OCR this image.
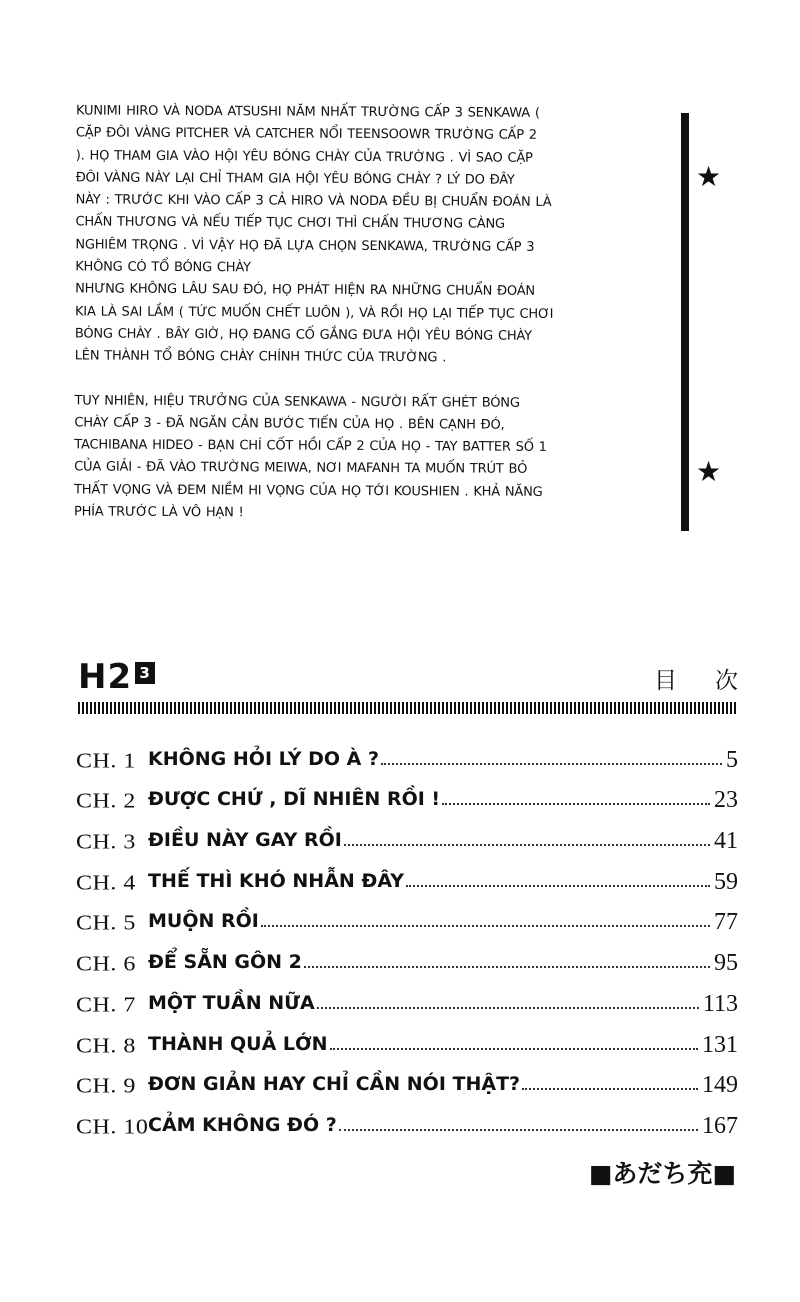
KUNIMI HIRO VÀ NODA ATSUSHI NĂM NHẤT TRƯỜNG CẤP 3 SENKAWA (
CẶP ĐÔI VÀNG PITCHER VÀ CATCHER NỔI TEENSOOWR TRƯỜNG CẤP 2
). HỌ THAM GIA VÀO HỘI YÊU BÓNG CHÀY CỦA TRƯỜNG . VÌ SAO CẶP
ĐÔI VÀNG NÀY LẠI CHỈ THAM GIA HỘI YÊU BÓNG CHÀY ? LÝ DO ĐÂY
NÀY : TRƯỚC KHI VÀO CẤP 3 CẢ HIRO VÀ NODA ĐỀU BỊ CHUẨN ĐOÁN LÀ
CHẤN THƯƠNG VÀ NẾU TIẾP TỤC CHƠI THÌ CHẤN THƯƠNG CÀNG
NGHIÊM TRỌNG . VÌ VẬY HỌ ĐÃ LỰA CHỌN SENKAWA, TRƯỜNG CẤP 3
KHÔNG CÓ TỔ BÓNG CHÀY
NHƯNG KHÔNG LÂU SAU ĐÓ, HỌ PHÁT HIỆN RA NHỮNG CHUẨN ĐOÁN
KIA LÀ SAI LẦM ( TỨC MUỐN CHẾT LUÔN ), VÀ RỒI HỌ LẠI TIẾP TỤC CHƠI
BÓNG CHÀY . BÂY GIỜ, HỌ ĐANG CỐ GẮNG ĐƯA HỘI YÊU BÓNG CHÀY
LÊN THÀNH TỔ BÓNG CHÀY CHÍNH THỨC CỦA TRƯỜNG .

TUY NHIÊN, HIỆU TRƯỞNG CỦA SENKAWA - NGƯỜI RẤT GHÉT BÓNG
CHÀY CẤP 3 - ĐÃ NGĂN CẢN BƯỚC TIẾN CỦA HỌ . BÊN CẠNH ĐÓ,
TACHIBANA HIDEO - BẠN CHÍ CỐT HỒI CẤP 2 CỦA HỌ - TAY BATTER SỐ 1
CỦA GIẢI - ĐÃ VÀO TRƯỜNG MEIWA, NƠI MAFANH TA MUỐN TRÚT BỎ
THẤT VỌNG VÀ ĐEM NIỀM HI VỌNG CỦA HỌ TỚI KOUSHIEN . KHẢ NĂNG
PHÍA TRƯỚC LÀ VÔ HẠN !

★
★
H2 3	目次
CH. 1 KHÔNG HỎI LÝ DO À ?	5
CH. 2 ĐƯỢC CHỨ , DĨ NHIÊN RỒI !	23
CH. 3 ĐIỀU NÀY GAY RỒI	41
CH. 4 THẾ THÌ KHÓ NHẪN ĐÂY	59
CH. 5 MUỘN RỒI	77
CH. 6 ĐỂ SẴN GÔN 2	95
CH. 7 MỘT TUẦN NỮA	113
CH. 8 THÀNH QUẢ LỚN	131
CH. 9 ĐƠN GIẢN HAY CHỈ CẦN NÓI THẬT?	149
CH. 10 CẢM KHÔNG ĐÓ ?	167
■あだち充■
